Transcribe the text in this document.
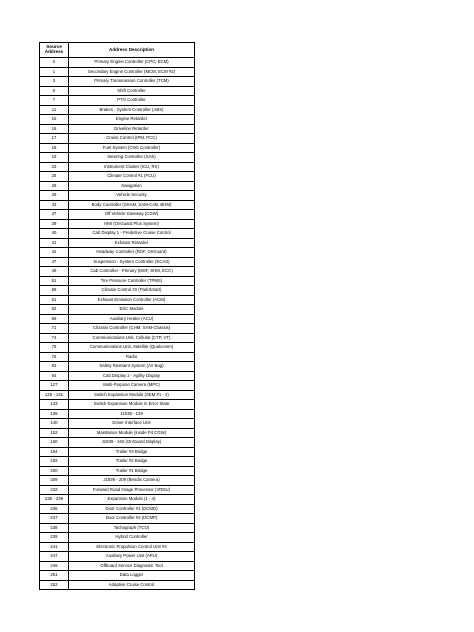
Source
Address	Address Description
0	Primary Engine Controller (CPC, ECM)
1	Secondary Engine Controller (MCM, ECM #2)
3	Primary Transmission Controller (TCM)
5	Shift Controller
7	PTO Controller
11	Brakes - System Controller (ABS)
15	Engine Retarder
16	Driveline Retarder
17	Cruise Control (IPM, PCC)
18	Fuel System (CNG Controller)
19	Steering Controller (SAS)
23	Instrument Cluster (ICU, RX)
25	Climate Control #1 (FCU)
28	Navigation
29	Vehicle Security
33	Body Controller (SSAM, SAM-CAB, BHM)
37	Off Vehicle Gateway (CGW)
39	HMI (OnGuard Plus System)
40	Cab Display 1 - Predictive Cruise Control
41	Exhaust Retarder
42	Headway Controller (RDF, OnGuard)
47	Suspension - System Controller (ECAS)
49	Cab Controller - Primary (MSF, SHM, ECC)
51	Tire Pressure Controller (TPMS)
58	Climate Control #2 (ParkSmart)
61	Exhaust Emission Controller (ACM)
62	ESC Module
69	Auxiliary Heater (ACU)
71	Chassis Controller (CHM, SAM-Chassis)
74	Communications Unit, Cellular (CTP, VT)
75	Communications Unit, Satellite (Qualcomm)
76	Radio
83	Safety Restraint System (Air Bag)
84	Cab Display 2 - Agility Display
127	Multi-Purpose Camera (MPC)
128 - 131	Switch Expansion Module (SEM #1 - 4)
133	Switch Expansion Module in Error State
139	J1939 - 139
140	Driver Interface Unit
152	Maintaince Module (inside P4 CGW)
160	J1939 - 160 (OnGuard Display)
184	Trailer #3 Bridge
192	Trailer #2 Bridge
200	Trailer #1 Bridge
209	J1939 - 209 (Bendix Camera)
232	Forward Road Image Processor (VRDU)
235 - 239	Expansion Module (1 - 4)
236	Door Controller #1 (DCMD)
237	Door Controller #2 (DCMP)
238	Tachograph (TCO)
239	Hybrid Controller
241	Electronic Propulsion Control Unit #3
247	Auxiliary Power Unit (APU)
249	Offboard Service Diagnostic Tool
251	Data Logger
252	Adaptive Cruise Control
